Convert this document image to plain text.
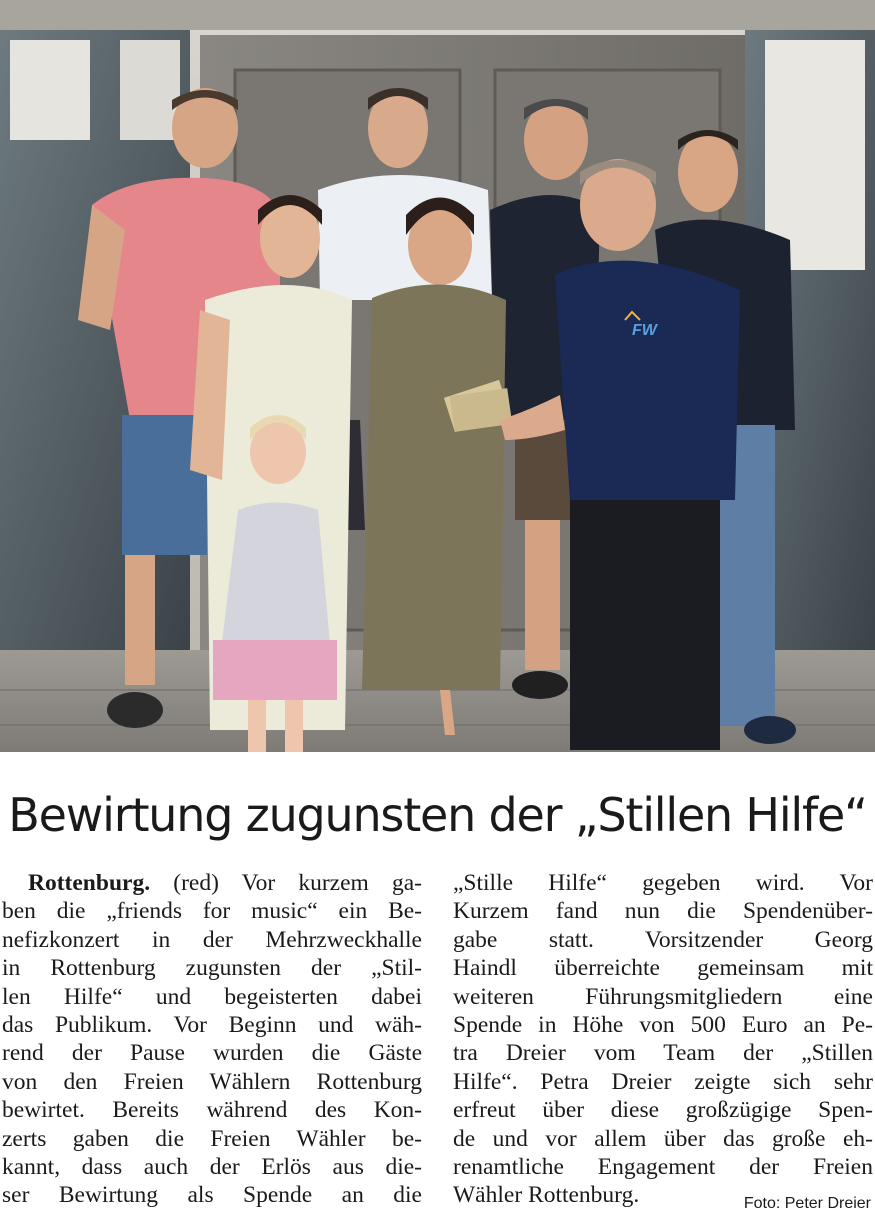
FW
Bewirtung zugunsten der „Stillen Hilfe“
Rottenburg. (red) Vor kurzem ga-
ben die „friends for music“ ein Be-
nefizkonzert in der Mehrzweckhalle
in Rottenburg zugunsten der „Stil-
len Hilfe“ und begeisterten dabei
das Publikum. Vor Beginn und wäh-
rend der Pause wurden die Gäste
von den Freien Wählern Rottenburg
bewirtet. Bereits während des Kon-
zerts gaben die Freien Wähler be-
kannt, dass auch der Erlös aus die-
ser Bewirtung als Spende an die
„Stille Hilfe“ gegeben wird. Vor
Kurzem fand nun die Spendenüber-
gabe statt. Vorsitzender Georg
Haindl überreichte gemeinsam mit
weiteren Führungsmitgliedern eine
Spende in Höhe von 500 Euro an Pe-
tra Dreier vom Team der „Stillen
Hilfe“. Petra Dreier zeigte sich sehr
erfreut über diese großzügige Spen-
de und vor allem über das große eh-
renamtliche Engagement der Freien
Wähler Rottenburg.	Foto: Peter Dreier
